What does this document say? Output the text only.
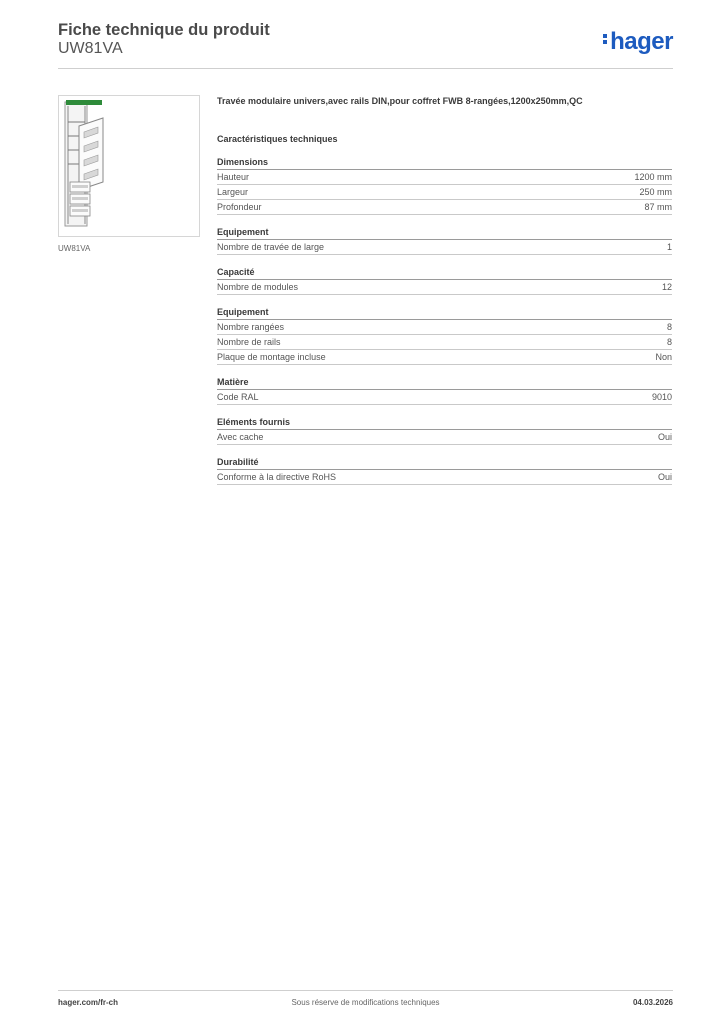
Fiche technique du produit
UW81VA	hager
UW81VA
Travée modulaire univers,avec rails DIN,pour coffret FWB 8-rangées,1200x250mm,QC
Caractéristiques techniques
Dimensions
Hauteur	1200 mm
Largeur	250 mm
Profondeur	87 mm
Equipement
Nombre de travée de large	1
Capacité
Nombre de modules	12
Equipement
Nombre rangées	8
Nombre de rails	8
Plaque de montage incluse	Non
Matière
Code RAL	9010
Eléments fournis
Avec cache	Oui
Durabilité
Conforme à la directive RoHS	Oui
hager.com/fr-ch	Sous réserve de modifications techniques	04.03.2026
